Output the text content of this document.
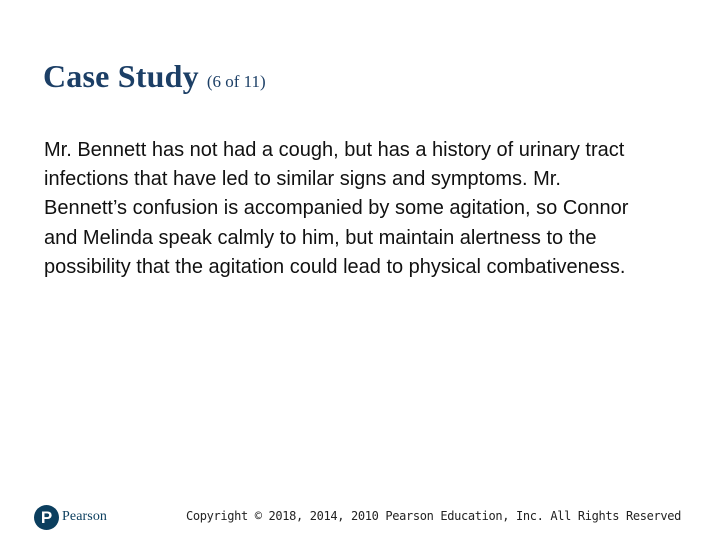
Case Study (6 of 11)

Mr. Bennett has not had a cough, but has a history of urinary tract infections that have led to similar signs and symptoms. Mr. Bennett’s confusion is accompanied by some agitation, so Connor and Melinda speak calmly to him, but maintain alertness to the possibility that the agitation could lead to physical combativeness.

P Pearson	Copyright © 2018, 2014, 2010 Pearson Education, Inc. All Rights Reserved
